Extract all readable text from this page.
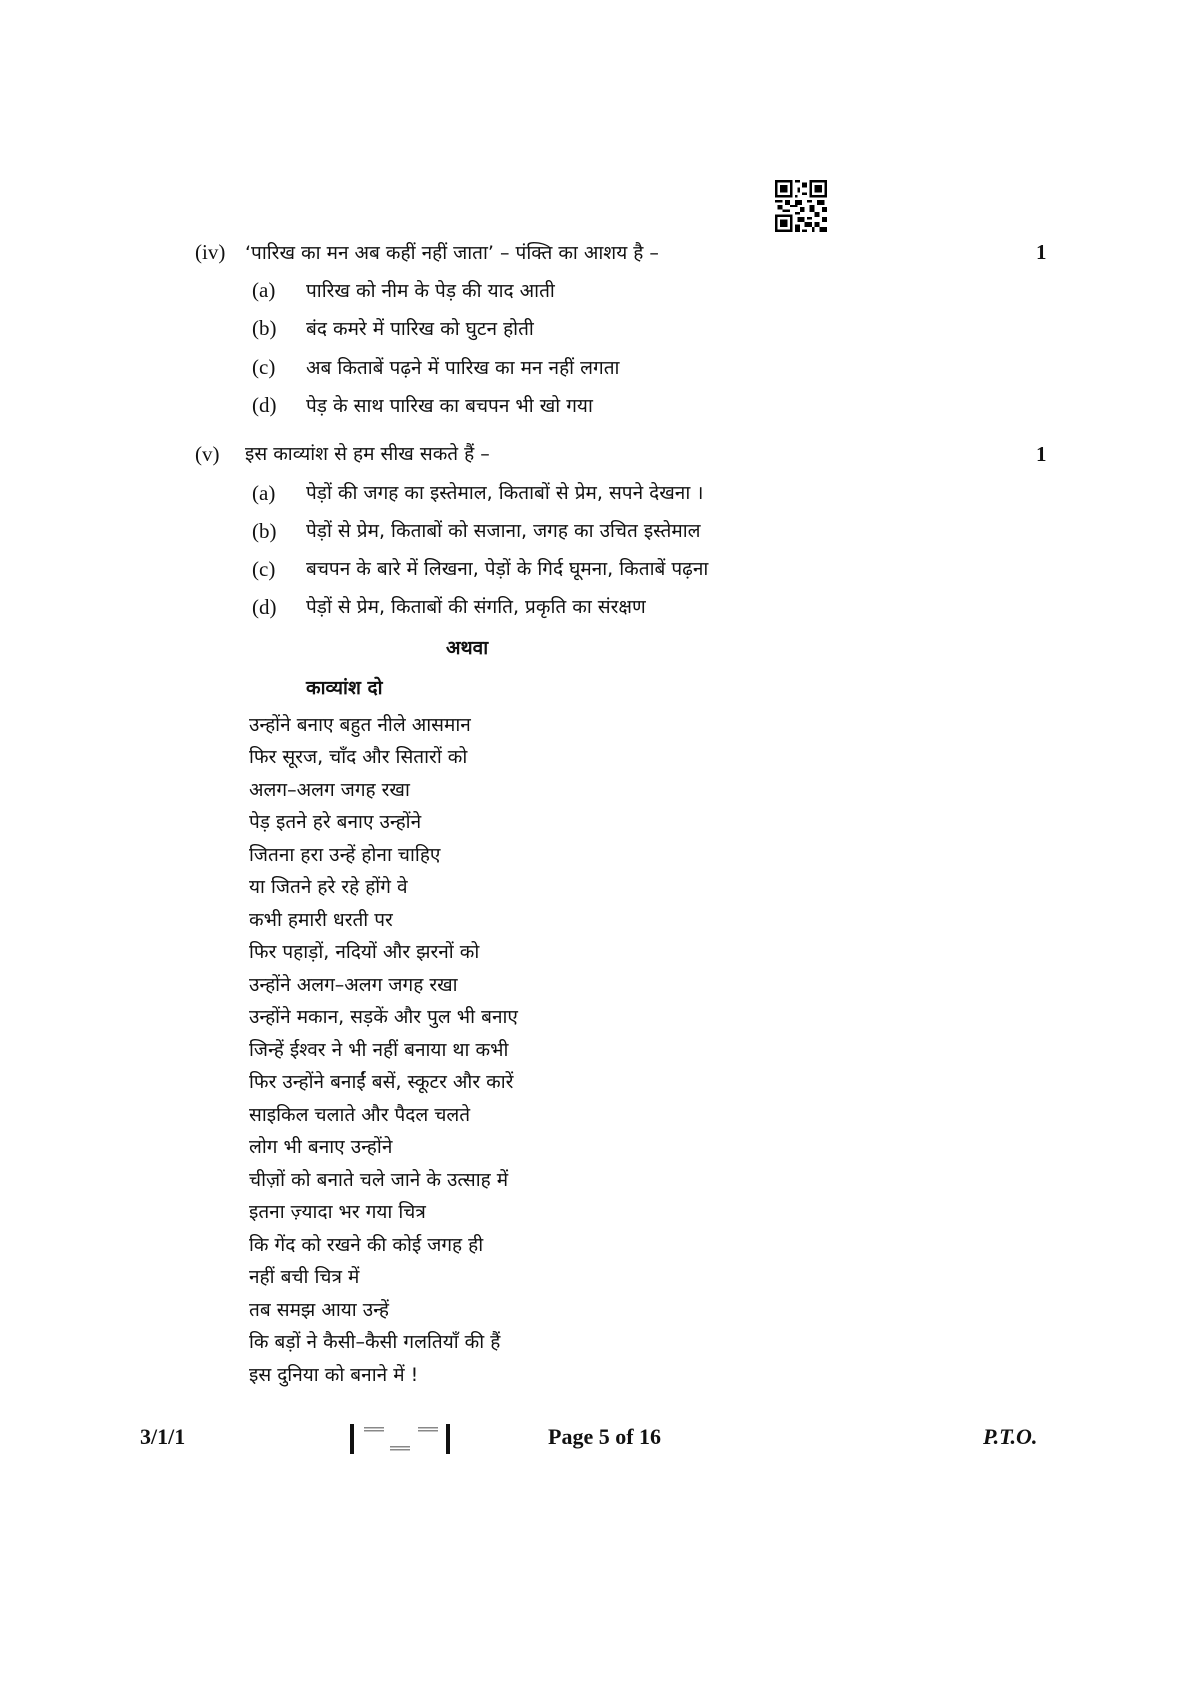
(iv) ‘पारिख का मन अब कहीं नहीं जाता’ – पंक्ति का आशय है –	1
(a) पारिख को नीम के पेड़ की याद आती
(b) बंद कमरे में पारिख को घुटन होती
(c) अब किताबें पढ़ने में पारिख का मन नहीं लगता
(d) पेड़ के साथ पारिख का बचपन भी खो गया
(v) इस काव्यांश से हम सीख सकते हैं –	1
(a) पेड़ों की जगह का इस्तेमाल, किताबों से प्रेम, सपने देखना ।
(b) पेड़ों से प्रेम, किताबों को सजाना, जगह का उचित इस्तेमाल
(c) बचपन के बारे में लिखना, पेड़ों के गिर्द घूमना, किताबें पढ़ना
(d) पेड़ों से प्रेम, किताबों की संगति, प्रकृति का संरक्षण
अथवा
काव्यांश दो
उन्होंने बनाए बहुत नीले आसमान
फिर सूरज, चाँद और सितारों को
अलग–अलग जगह रखा
पेड़ इतने हरे बनाए उन्होंने
जितना हरा उन्हें होना चाहिए
या जितने हरे रहे होंगे वे
कभी हमारी धरती पर
फिर पहाड़ों, नदियों और झरनों को
उन्होंने अलग–अलग जगह रखा
उन्होंने मकान, सड़कें और पुल भी बनाए
जिन्हें ईश्वर ने भी नहीं बनाया था कभी
फिर उन्होंने बनाईं बसें, स्कूटर और कारें
साइकिल चलाते और पैदल चलते
लोग भी बनाए उन्होंने
चीज़ों को बनाते चले जाने के उत्साह में
इतना ज़्यादा भर गया चित्र
कि गेंद को रखने की कोई जगह ही
नहीं बची चित्र में
तब समझ आया उन्हें
कि बड़ों ने कैसी–कैसी गलतियाँ की हैं
इस दुनिया को बनाने में !
3/1/1	Page 5 of 16	P.T.O.
